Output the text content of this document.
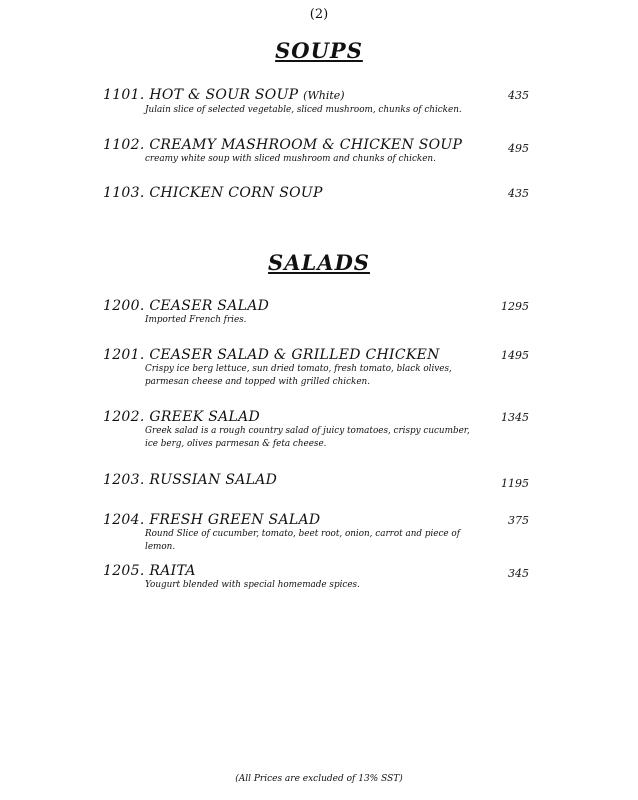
(2)
SOUPS
1101. HOT & SOUR SOUP (White)
Julain slice of selected vegetable, sliced mushroom, chunks of chicken.
435
1102. CREAMY MASHROOM & CHICKEN SOUP
creamy white soup with sliced mushroom and chunks of chicken.
495
1103. CHICKEN CORN SOUP	435
SALADS
1200. CEASER SALAD
Imported French fries.
1295
1201. CEASER SALAD & GRILLED CHICKEN
Crispy ice berg lettuce, sun dried tomato, fresh tomato, black olives,
parmesan cheese and topped with grilled chicken.
1495
1202. GREEK SALAD
Greek salad is a rough country salad of juicy tomatoes, crispy cucumber,
ice berg, olives parmesan & feta cheese.
1345
1203. RUSSIAN SALAD	1195
1204. FRESH GREEN SALAD
Round Slice of cucumber, tomato, beet root, onion, carrot and piece of lemon.
375
1205. RAITA
Yougurt blended with special homemade spices.
345
(All Prices are excluded of 13% SST)
